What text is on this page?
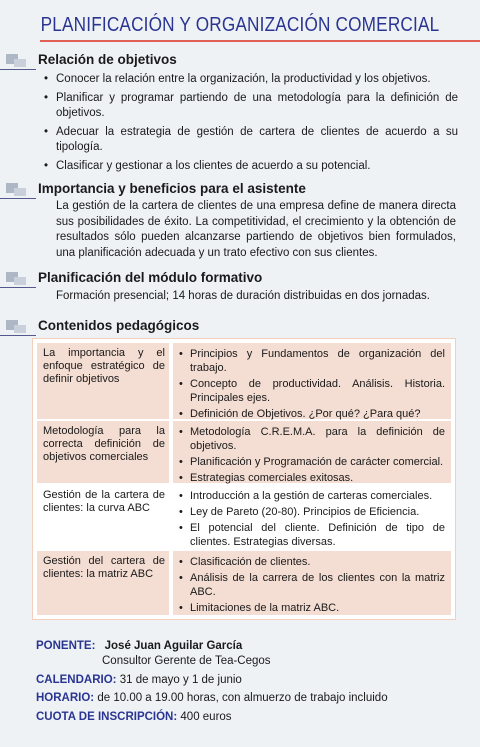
PLANIFICACIÓN Y ORGANIZACIÓN COMERCIAL
Relación de objetivos
• Conocer la relación entre la organización, la productividad y los objetivos.
• Planificar y programar partiendo de una metodología para la definición de objetivos.
• Adecuar la estrategia de gestión de cartera de clientes de acuerdo a su tipología.
• Clasificar y gestionar a los clientes de acuerdo a su potencial.
Importancia y beneficios para el asistente
La gestión de la cartera de clientes de una empresa define de manera directa sus posibilidades de éxito. La competitividad, el crecimiento y la obtención de resultados sólo pueden alcanzarse partiendo de objetivos bien formulados, una planificación adecuada y un trato efectivo con sus clientes.
Planificación del módulo formativo
Formación presencial; 14 horas de duración distribuidas en dos jornadas.
Contenidos pedagógicos
La importancia y el enfoque estratégico de definir objetivos
• Principios y Fundamentos de organización del trabajo.
• Concepto de productividad. Análisis. Historia. Principales ejes.
• Definición de Objetivos. ¿Por qué? ¿Para qué?
Metodología para la correcta definición de objetivos comerciales
• Metodología C.R.E.M.A. para la definición de objetivos.
• Planificación y Programación de carácter comercial.
• Estrategias comerciales exitosas.
Gestión de la cartera de clientes: la curva ABC
• Introducción a la gestión de carteras comerciales.
• Ley de Pareto (20-80). Principios de Eficiencia.
• El potencial del cliente. Definición de tipo de clientes. Estrategias diversas.
Gestión del cartera de clientes: la matriz ABC
• Clasificación de clientes.
• Análisis de la carrera de los clientes con la matriz ABC.
• Limitaciones de la matriz ABC.
PONENTE: José Juan Aguilar García
Consultor Gerente de Tea-Cegos
CALENDARIO: 31 de mayo y 1 de junio
HORARIO: de 10.00 a 19.00 horas, con almuerzo de trabajo incluido
CUOTA DE INSCRIPCIÓN: 400 euros
